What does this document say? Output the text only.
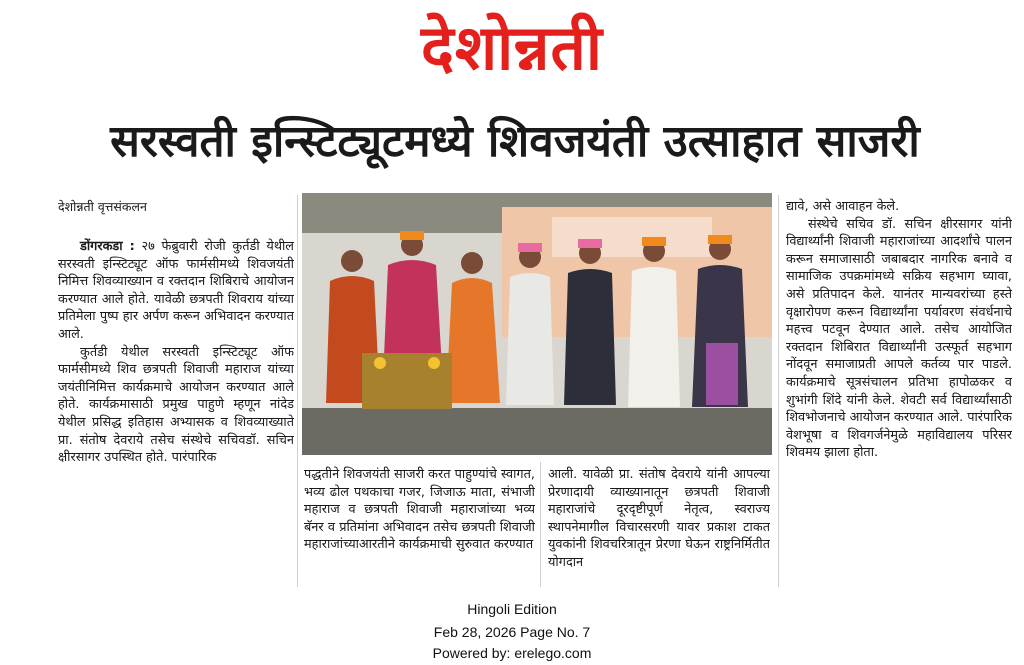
देशोन्नती
सरस्वती इन्स्टिट्यूटमध्ये शिवजयंती उत्साहात साजरी
देशोन्नती वृत्तसंकलन

डोंगरकडा : २७ फेब्रुवारी रोजी कुर्तडी येथील सरस्वती इन्स्टिट्यूट ऑफ फार्मसीमध्ये शिवजयंती निमित्त शिवव्याख्यान व रक्तदान शिबिराचे आयोजन करण्यात आले होते. यावेळी छत्रपती शिवराय यांच्या प्रतिमेला पुष्प हार अर्पण करून अभिवादन करण्यात आले.

कुर्तडी येथील सरस्वती इन्स्टिट्यूट ऑफ फार्मसीमध्ये शिव छत्रपती शिवाजी महाराज यांच्या जयंतीनिमित्त कार्यक्रमाचे आयोजन करण्यात आले होते. कार्यक्रमासाठी प्रमुख पाहुणे म्हणून नांदेड येथील प्रसिद्ध इतिहास अभ्यासक व शिवव्याख्याते प्रा. संतोष देवराये तसेच संस्थेचे सचिवडॉ. सचिन क्षीरसागर उपस्थित होते. पारंपारिक

पद्धतीने शिवजयंती साजरी करत पाहुण्यांचे स्वागत, भव्य ढोल पथकाचा गजर, जिजाऊ माता, संभाजी महाराज व छत्रपती शिवाजी महाराजांच्या भव्य बॅनर व प्रतिमांना अभिवादन तसेच छत्रपती शिवाजी महाराजांच्याआरतीने कार्यक्रमाची सुरुवात करण्यात

आली. यावेळी प्रा. संतोष देवराये यांनी आपल्या प्रेरणादायी व्याख्यानातून छत्रपती शिवाजी महाराजांचे दूरदृष्टीपूर्ण नेतृत्व, स्वराज्य स्थापनेमागील विचारसरणी यावर प्रकाश टाकत युवकांनी शिवचरित्रातून प्रेरणा घेऊन राष्ट्रनिर्मितीत योगदान

द्यावे, असे आवाहन केले.

संस्थेचे सचिव डॉ. सचिन क्षीरसागर यांनी विद्यार्थ्यांनी शिवाजी महाराजांच्या आदर्शांचे पालन करून समाजासाठी जबाबदार नागरिक बनावे व सामाजिक उपक्रमांमध्ये सक्रिय सहभाग घ्यावा, असे प्रतिपादन केले. यानंतर मान्यवरांच्या हस्ते वृक्षारोपण करून विद्यार्थ्यांना पर्यावरण संवर्धनाचे महत्त्व पटवून देण्यात आले. तसेच आयोजित रक्तदान शिबिरात विद्यार्थ्यांनी उत्स्फूर्त सहभाग नोंदवून समाजाप्रती आपले कर्तव्य पार पाडले. कार्यक्रमाचे सूत्रसंचालन प्रतिभा हापोळकर व शुभांगी शिंदे यांनी केले. शेवटी सर्व विद्यार्थ्यांसाठी शिवभोजनाचे आयोजन करण्यात आले. पारंपारिक वेशभूषा व शिवगर्जनेमुळे महाविद्यालय परिसर शिवमय झाला होता.

Hingoli Edition
Feb 28, 2026 Page No. 7
Powered by: erelego.com
